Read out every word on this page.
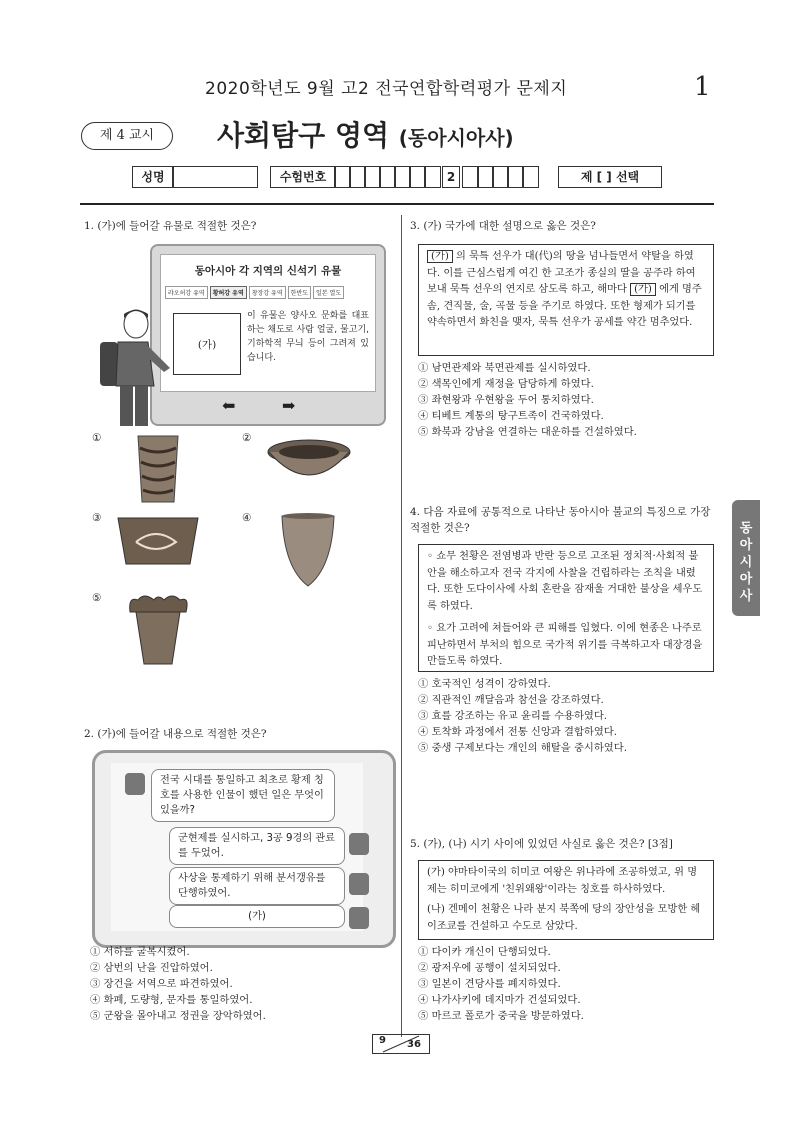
2020학년도 9월 고2 전국연합학력평가 문제지	1
제 4 교시	사회탐구 영역 (동아시아사)
성명	수험번호	2	제 [ ] 선택
동아시아사
1. (가)에 들어갈 유물로 적절한 것은?
동아시아 각 지역의 신석기 유물
랴오허강 유역	황허강 유역	창장강 유역	한반도	일본 열도
(가)
이 유물은 양사오 문화를 대표하는 채도로 사람 얼굴, 물고기, 기하학적 무늬 등이 그려져 있습니다.
⬅	➡
①	②
③	④
⑤
2. (가)에 들어갈 내용으로 적절한 것은?
전국 시대를 통일하고 최초로 황제 칭호를 사용한 인물이 했던 일은 무엇이 있을까?
군현제를 실시하고, 3공 9경의 관료를 두었어.
사상을 통제하기 위해 분서갱유를 단행하였어.
(가)
① 서하를 굴복시켰어.
② 삼번의 난을 진압하였어.
③ 장건을 서역으로 파견하였어.
④ 화폐, 도량형, 문자를 통일하였어.
⑤ 군왕을 몰아내고 정권을 장악하였어.
3. (가) 국가에 대한 설명으로 옳은 것은?
(가) 의 묵특 선우가 대(代)의 땅을 넘나들면서 약탈을 하였다. 이를 근심스럽게 여긴 한 고조가 종실의 딸을 공주라 하여 보내 묵특 선우의 연지로 삼도록 하고, 해마다 (가) 에게 명주솜, 견직물, 술, 곡물 등을 주기로 하였다. 또한 형제가 되기를 약속하면서 화친을 맺자, 묵특 선우가 공세를 약간 멈추었다.
① 남면관제와 북면관제를 실시하였다.
② 색목인에게 재정을 담당하게 하였다.
③ 좌현왕과 우현왕을 두어 통치하였다.
④ 티베트 계통의 탕구트족이 건국하였다.
⑤ 화북과 강남을 연결하는 대운하를 건설하였다.
4. 다음 자료에 공통적으로 나타난 동아시아 불교의 특징으로 가장 적절한 것은?
◦ 쇼무 천황은 전염병과 반란 등으로 고조된 정치적·사회적 불안을 해소하고자 전국 각지에 사찰을 건립하라는 조칙을 내렸다. 또한 도다이사에 사회 혼란을 잠재울 거대한 불상을 세우도록 하였다.
◦ 요가 고려에 쳐들어와 큰 피해를 입혔다. 이에 현종은 나주로 피난하면서 부처의 힘으로 국가적 위기를 극복하고자 대장경을 만들도록 하였다.
① 호국적인 성격이 강하였다.
② 직관적인 깨달음과 참선을 강조하였다.
③ 효를 강조하는 유교 윤리를 수용하였다.
④ 토착화 과정에서 전통 신앙과 결합하였다.
⑤ 중생 구제보다는 개인의 해탈을 중시하였다.
5. (가), (나) 시기 사이에 있었던 사실로 옳은 것은? [3점]
(가) 야마타이국의 히미코 여왕은 위나라에 조공하였고, 위 명제는 히미코에게 '친위왜왕'이라는 칭호를 하사하였다.
(나) 겐메이 천황은 나라 분지 북쪽에 당의 장안성을 모방한 헤이조쿄를 건설하고 수도로 삼았다.
① 다이카 개신이 단행되었다.
② 광저우에 공행이 설치되었다.
③ 일본이 견당사를 폐지하였다.
④ 나가사키에 데지마가 건설되었다.
⑤ 마르코 폴로가 중국을 방문하였다.
9 36
